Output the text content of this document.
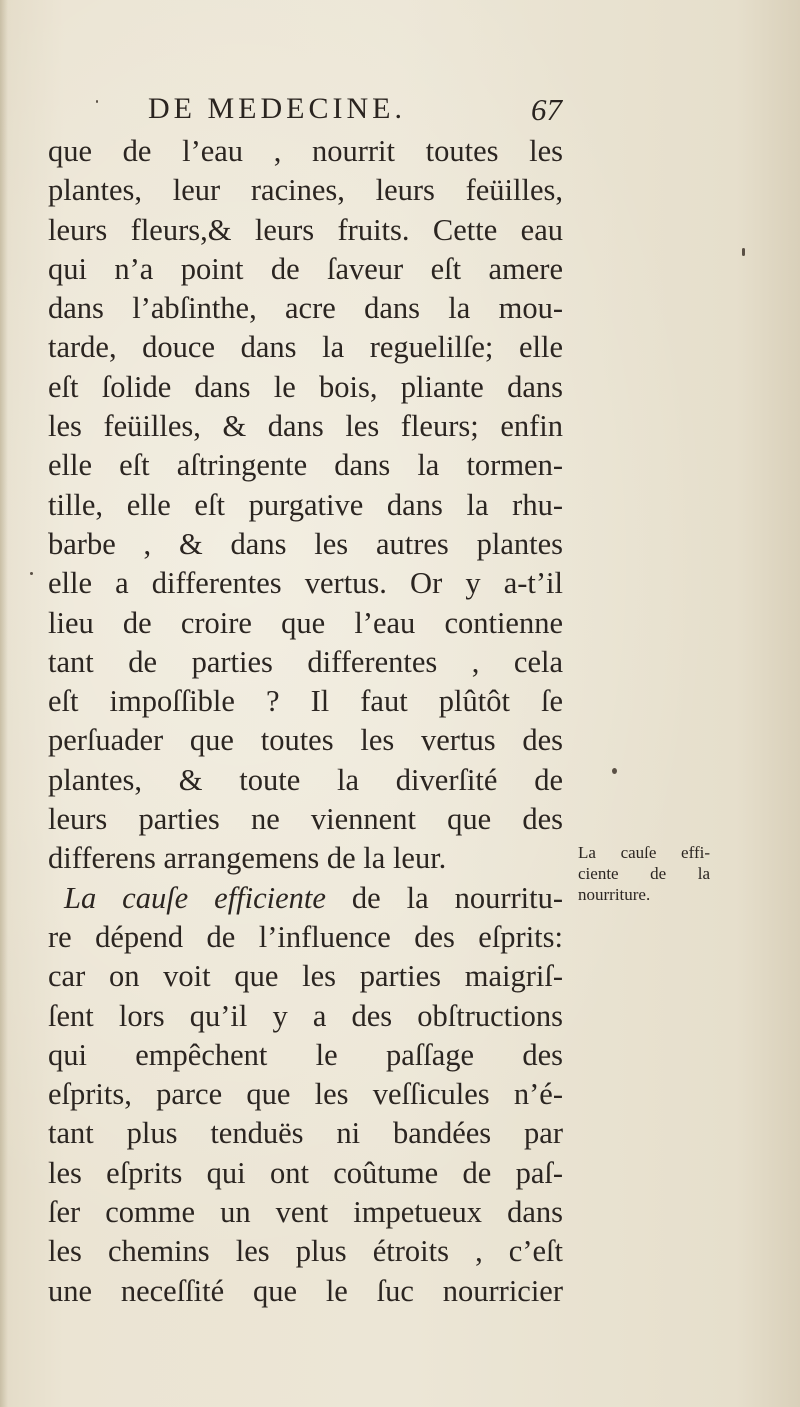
DE MEDECINE.	67
que de l’eau , nourrit toutes les
plantes, leur racines, leurs feüilles,
leurs fleurs,& leurs fruits. Cette eau
qui n’a point de ſaveur eſt amere
dans l’abſinthe, acre dans la mou-
tarde, douce dans la reguelilſe; elle
eſt ſolide dans le bois, pliante dans
les feüilles, & dans les fleurs; enfin
elle eſt aſtringente dans la tormen-
tille, elle eſt purgative dans la rhu-
barbe , & dans les autres plantes
elle a differentes vertus. Or y a-t’il
lieu de croire que l’eau contienne
tant de parties differentes , cela
eſt impoſſible ? Il faut plûtôt ſe
perſuader que toutes les vertus des
plantes, & toute la diverſité de
leurs parties ne viennent que des
differens arrangemens de la leur.
La cauſe efficiente de la nourritu-
re dépend de l’influence des eſprits:
car on voit que les parties maigriſ-
ſent lors qu’il y a des obſtructions
qui empêchent le paſſage des
eſprits, parce que les veſſicules n’é-
tant plus tenduës ni bandées par
les eſprits qui ont coûtume de paſ-
ſer comme un vent impetueux dans
les chemins les plus étroits , c’eſt
une neceſſité que le ſuc nourricier
La cauſe effi-
ciente de la
nourriture.
